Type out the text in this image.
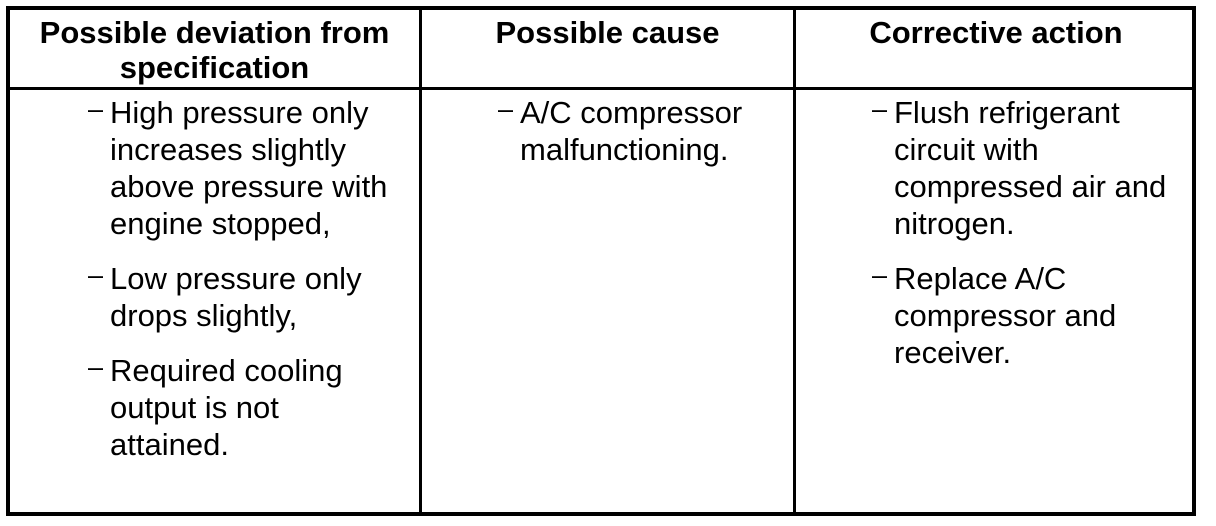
Possible deviation from specification
Possible cause	Corrective action
– High pressure only increases slightly above pressure with engine stopped,
– Low pressure only drops slightly,
– Required cooling output is not attained.
– A/C compressor malfunctioning.
– Flush refrigerant circuit with compressed air and nitrogen.
– Replace A/C compressor and receiver.
